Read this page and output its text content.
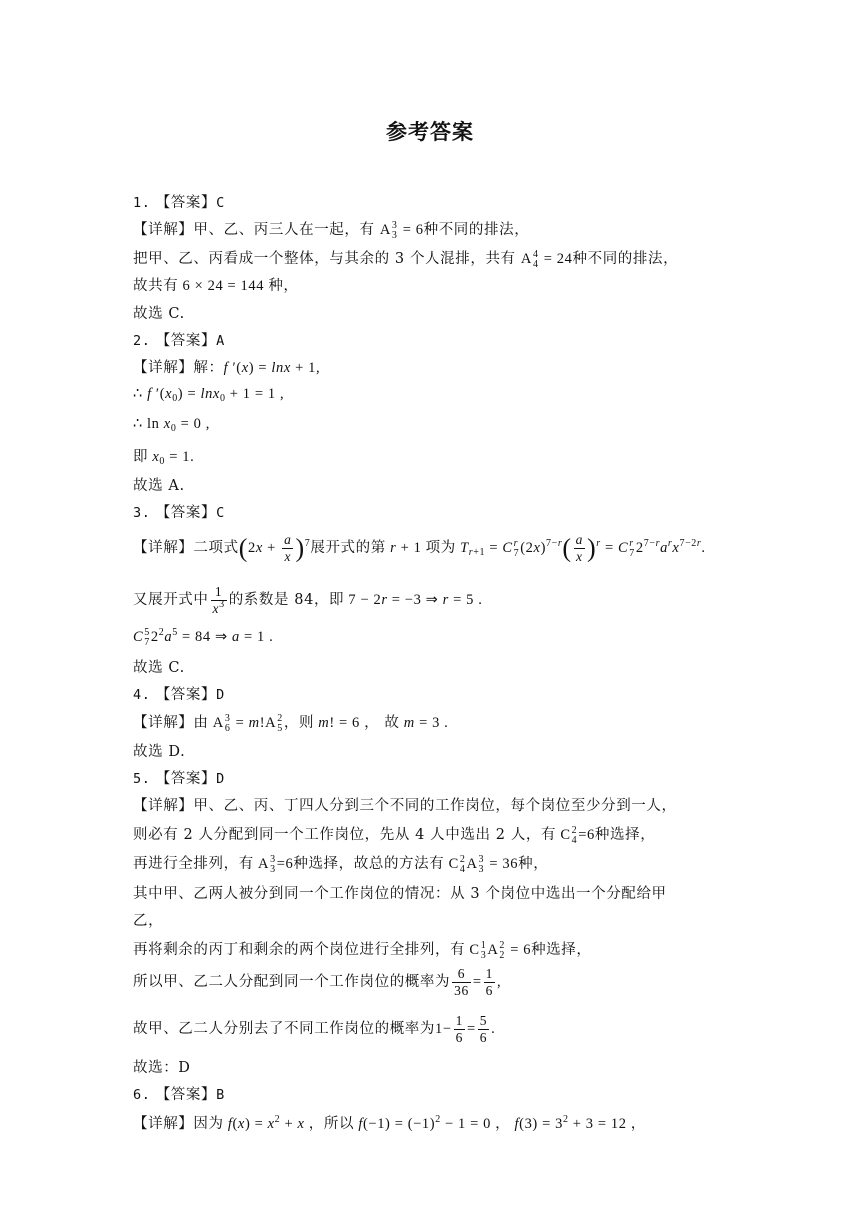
参考答案
1. 【答案】C
【详解】甲、乙、丙三人在一起，有 A 3
3 = 6种不同的排法，
把甲、乙、丙看成一个整体，与其余的 3 个人混排，共有 A 4
4 = 24种不同的排法，
故共有 6 × 24 = 144 种，
故选 C.
2. 【答案】A
【详解】解：f ′(x) = lnx + 1,
∴ f $'(x_0) = \ln x_0 + 1 = 1$ ,
∴ $\ln x_0 = 0$ ,
即 $x_0 = 1$.
故选 A.
3. 【答案】C
【详解】二项式$(2x + \frac{a}{x} )^7$展开式的第 r + 1 项为 $T_{r+1} = C$ r
7 $(2x)^{7-r}( \frac{a}{x} )^r = C$ r
7 $2^{7-r}a^rx^{7-2r}$.
又展开式中 $\frac{1}{x^3}$ 的系数是 84，即 7 − 2r = −3 ⇒ r = 5 .
C 5
7 $2^2a^5 = 84$ ⇒ a = 1 .
故选 C.
4. 【答案】D
【详解】由 A 3
6 = m!A 2
5 ，则 m! = 6 ， 故 m = 3 .
故选 D.
5. 【答案】D
【详解】甲、乙、丙、丁四人分到三个不同的工作岗位，每个岗位至少分到一人，
则必有 2 人分配到同一个工作岗位，先从 4 人中选出 2 人，有 C 2
4 =6种选择，
再进行全排列，有 A 3
3 =6种选择，故总的方法有 C 2
4 A 3
3 = 36种，
其中甲、乙两人被分到同一个工作岗位的情况：从 3 个岗位中选出一个分配给甲
乙，
再将剩余的丙丁和剩余的两个岗位进行全排列，有 C 1
3 A 2
2 = 6种选择，
所以甲、乙二人分配到同一个工作岗位的概率为 $\frac{6}{36} = \frac{1}{6}$ ,
故甲、乙二人分别去了不同工作岗位的概率为$1- \frac{1}{6} = \frac{5}{6}$ .
故选：D
6. 【答案】B
【详解】因为 $f(x) = x^2 + x$ ，所以 $f(-1) = (-1)^2 - 1 = 0$ ， $f(3) = 3^2 + 3 = 12$ ，
